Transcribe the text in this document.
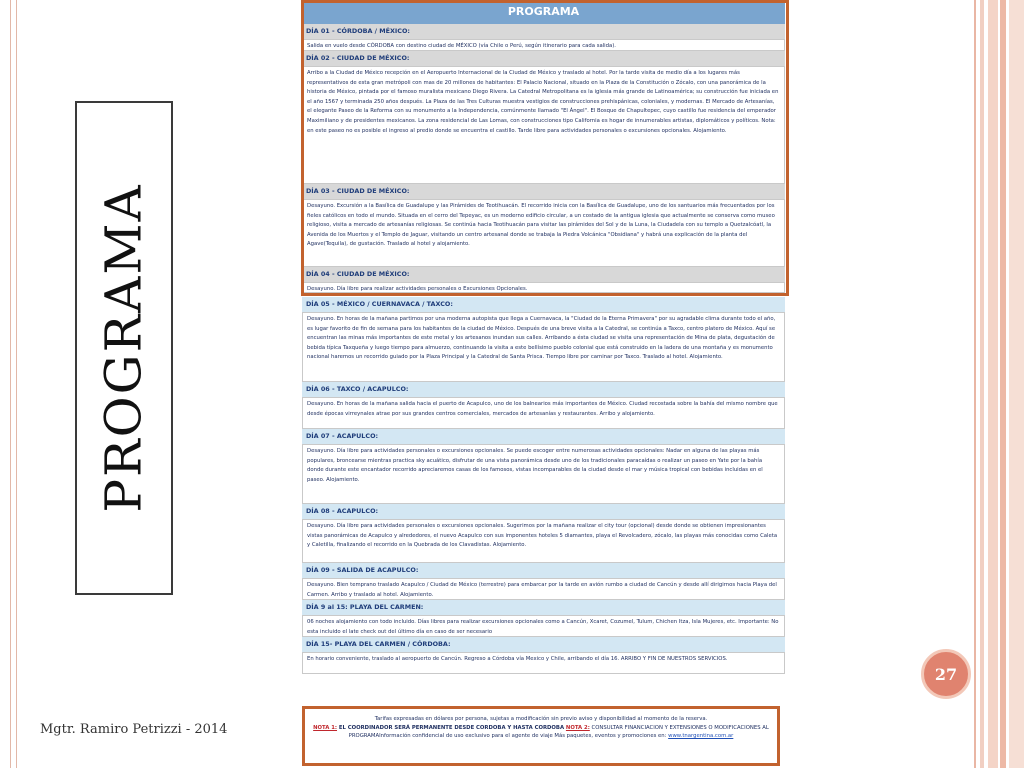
PROGRAMA
Mgtr. Ramiro Petrizzi - 2014
27
PROGRAMA
DÍA 01 - CÓRDOBA / MÉXICO:
Salida en vuelo desde CÓRDOBA con destino ciudad de MÉXICO (vía Chile o Perú, según itinerario para cada salida).
DÍA 02 - CIUDAD DE MÉXICO:
Arribo a la Ciudad de México recepción en el Aeropuerto Internacional de la Ciudad de México y traslado al hotel. Por la tarde visita de medio día a los lugares más representativos de esta gran metrópoli con mas de 20 millones de habitantes: El Palacio Nacional, situado en la Plaza de la Constitución o Zócalo, con una panorámica de la historia de México, pintada por el famoso muralista mexicano Diego Rivera. La Catedral Metropolitana es la iglesia más grande de Latinoamérica; su construcción fue iniciada en el año 1567 y terminada 250 años después. La Plaza de las Tres Culturas muestra vestigios de construcciones prehispánicas, coloniales, y modernas. El Mercado de Artesanías, el elegante Paseo de la Reforma con su monumento a la Independencia, comúnmente llamado "El Ángel". El Bosque de Chapultepec, cuyo castillo fue residencia del emperador Maximiliano y de presidentes mexicanos. La zona residencial de Las Lomas, con construcciones tipo California es hogar de innumerables artistas, diplomáticos y políticos. Nota: en este paseo no es posible el ingreso al predio donde se encuentra el castillo. Tarde libre para actividades personales o excursiones opcionales. Alojamiento.
DÍA 03 - CIUDAD DE MÉXICO:
Desayuno. Excursión a la Basílica de Guadalupe y las Pirámides de Teotihuacán. El recorrido inicia con la Basílica de Guadalupe, uno de los santuarios más frecuentados por los fieles católicos en todo el mundo. Situada en el cerro del Tepeyac, es un moderno edificio circular, a un costado de la antigua iglesia que actualmente se conserva como museo religioso, visita a mercado de artesanías religiosas. Se continúa hacia Teotihuacán para visitar las pirámides del Sol y de la Luna, la Ciudadela con su templo a Quetzalcóatl, la Avenida de los Muertos y el Templo de Jaguar, visitando un centro artesanal donde se trabaja la Piedra Volcánica "Obsidiana" y habrá una explicación de la planta del Agave(Tequila), de gustación. Traslado al hotel y alojamiento.
DÍA 04 - CIUDAD DE MÉXICO:
Desayuno. Día libre para realizar actividades personales o Excursiones Opcionales.
DÍA 05 - MÉXICO / CUERNAVACA / TAXCO:
Desayuno. En horas de la mañana partimos por una moderna autopista que llega a Cuernavaca, la "Ciudad de la Eterna Primavera" por su agradable clima durante todo el año, es lugar favorito de fin de semana para los habitantes de la ciudad de México. Después de una breve visita a la Catedral, se continúa a Taxco, centro platero de México. Aquí se encuentran las minas más importantes de este metal y los artesanos inundan sus calles. Arribando a ésta ciudad se visita una representación de Mina de plata, degustación de bebida típica Taxqueña y luego tiempo para almuerzo, continuando la visita a este bellísimo pueblo colonial que está construido en la ladera de una montaña y es monumento nacional haremos un recorrido guiado por la Plaza Principal y la Catedral de Santa Prisca. Tiempo libre por caminar por Taxco. Traslado al hotel. Alojamiento.
DÍA 06 - TAXCO / ACAPULCO:
Desayuno. En horas de la mañana salida hacia el puerto de Acapulco, uno de los balnearios más importantes de México. Ciudad recostada sobre la bahía del mismo nombre que desde épocas virreynales atrae por sus grandes centros comerciales, mercados de artesanías y restaurantes. Arribo y alojamiento.
DÍA 07 - ACAPULCO:
Desayuno. Día libre para actividades personales o excursiones opcionales. Se puede escoger entre numerosas actividades opcionales: Nadar en alguna de las playas más populares, broncearse mientras practica sky acuático, disfrutar de una vista panorámica desde uno de los tradicionales paracaídas o realizar un paseo en Yate por la bahía donde durante este encantador recorrido apreciaremos casas de los famosos, vistas incomparables de la ciudad desde el mar y música tropical con bebidas incluidas en el paseo. Alojamiento.
DÍA 08 - ACAPULCO:
Desayuno. Día libre para actividades personales o excursiones opcionales. Sugerimos por la mañana realizar el city tour (opcional) desde donde se obtienen impresionantes vistas panorámicas de Acapulco y alrededores, el nuevo Acapulco con sus imponentes hoteles 5 diamantes, playa el Revolcadero, zócalo, las playas más conocidas como Caleta y Caletilla, finalizando el recorrido en la Quebrada de los Clavadistas. Alojamiento.
DÍA 09 - SALIDA DE ACAPULCO:
Desayuno. Bien temprano traslado Acapulco / Ciudad de México (terrestre) para embarcar por la tarde en avión rumbo a ciudad de Cancún y desde allí dirigirnos hacia Playa del Carmen. Arribo y traslado al hotel. Alojamiento.
DÍA 9 al 15: PLAYA DEL CARMEN:
06 noches alojamiento con todo incluido. Días libres para realizar excursiones opcionales como a Cancún, Xcaret, Cozumel, Tulum, Chichen Itza, Isla Mujeres, etc. Importante: No esta incluido el late check out del último día en caso de ser necesario
DÍA 15- PLAYA DEL CARMEN / CÓRDOBA:
En horario conveniente, traslado al aeropuerto de Cancún. Regreso a Córdoba vía Mexico y Chile, arribando el día 16. ARRIBO Y FIN DE NUESTROS SERVICIOS.
Tarifas expresadas en dólares por persona, sujetas a modificación sin previo aviso y disponibilidad al momento de la reserva.
NOTA 1: EL COORDINADOR SERÁ PERMANENTE DESDE CORDOBA Y HASTA CORDOBA NOTA 2: CONSULTAR FINANCIACION Y EXTENSIONES O MODIFICACIONES AL PROGRAMAInformación confidencial de uso exclusivo para el agente de viaje Más paquetes, eventos y promociones en: www.tnargentina.com.ar
